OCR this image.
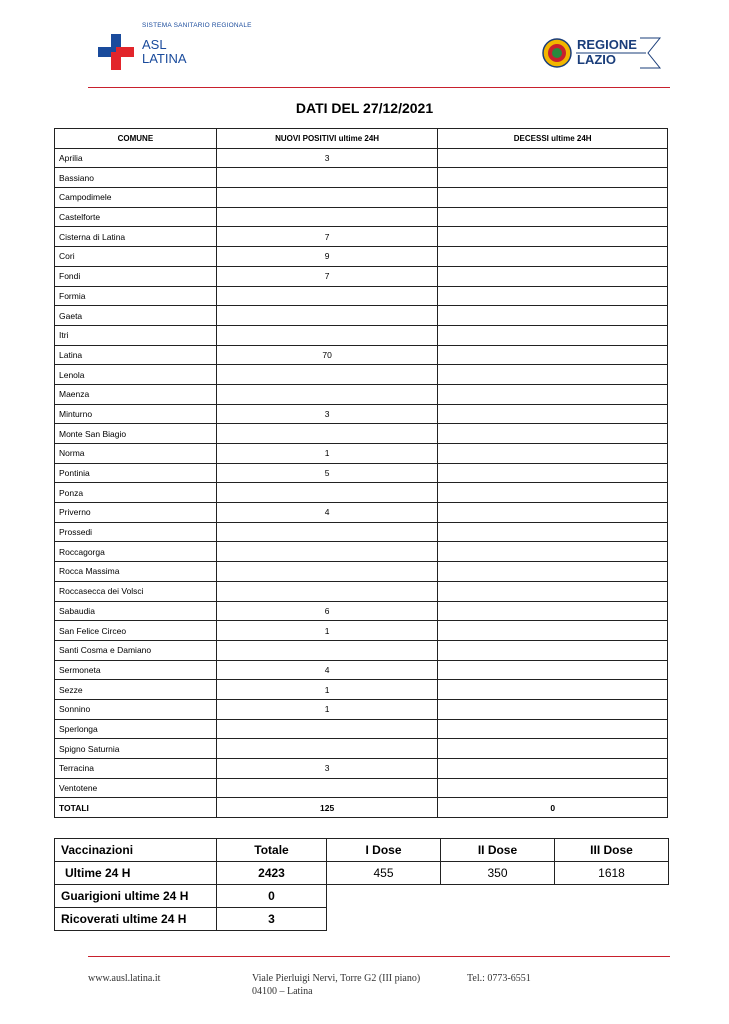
SISTEMA SANITARIO REGIONALE
ASL
LATINA
REGIONE
LAZIO
DATI DEL 27/12/2021
COMUNE	NUOVI POSITIVI ultime 24H	DECESSI ultime 24H
Aprilia	3	
Bassiano		
Campodimele		
Castelforte		
Cisterna di Latina	7	
Cori	9	
Fondi	7	
Formia		
Gaeta		
Itri		
Latina	70	
Lenola		
Maenza		
Minturno	3	
Monte San Biagio		
Norma	1	
Pontinia	5	
Ponza		
Priverno	4	
Prossedi		
Roccagorga		
Rocca Massima		
Roccasecca dei Volsci		
Sabaudia	6	
San Felice Circeo	1	
Santi Cosma e Damiano		
Sermoneta	4	
Sezze	1	
Sonnino	1	
Sperlonga		
Spigno Saturnia		
Terracina	3	
Ventotene		
TOTALI	125	0
Vaccinazioni	Totale	I Dose	II Dose	III Dose
Ultime 24 H	2423	455	350	1618
Guarigioni ultime 24 H	0			
Ricoverati ultime 24 H	3			
www.ausl.latina.it	Viale Pierluigi Nervi, Torre G2 (III piano)
04100 – Latina
Tel.: 0773-6551
